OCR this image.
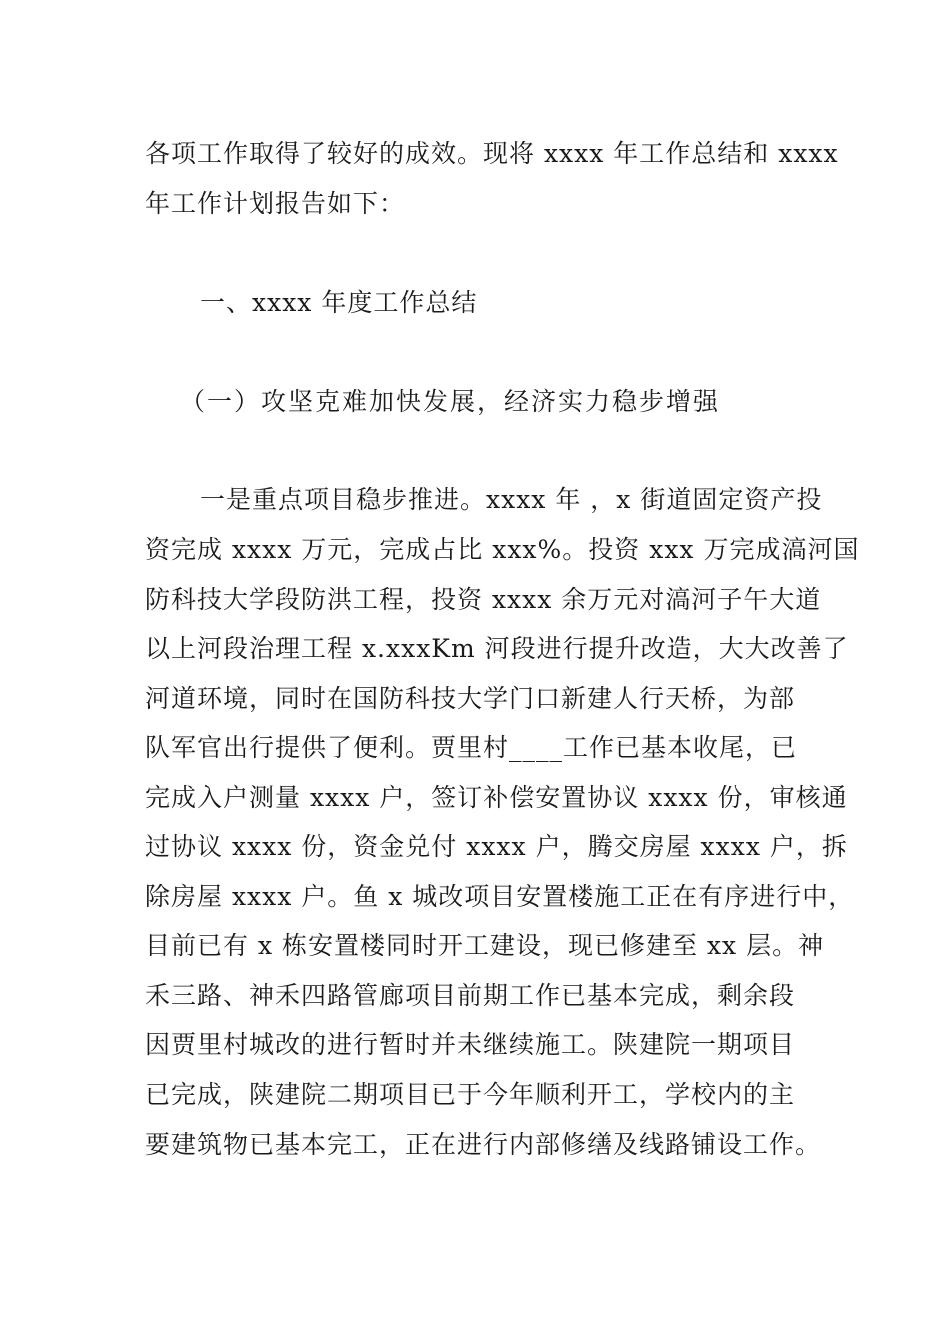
各项工作取得了较好的成效。现将 xxxx 年工作总结和 xxxx
年工作计划报告如下：
一、xxxx 年度工作总结
（一）攻坚克难加快发展，经济实力稳步增强
一是重点项目稳步推进。xxxx 年 ，x 街道固定资产投
资完成 xxxx 万元，完成占比 xxx%。投资 xxx 万完成滈河国
防科技大学段防洪工程，投资 xxxx 余万元对滈河子午大道
以上河段治理工程 x.xxxKm 河段进行提升改造，大大改善了
河道环境，同时在国防科技大学门口新建人行天桥，为部
队军官出行提供了便利。贾里村____工作已基本收尾，已
完成入户测量 xxxx 户，签订补偿安置协议 xxxx 份，审核通
过协议 xxxx 份，资金兑付 xxxx 户，腾交房屋 xxxx 户，拆
除房屋 xxxx 户。鱼 x 城改项目安置楼施工正在有序进行中，
目前已有 x 栋安置楼同时开工建设，现已修建至 xx 层。神
禾三路、神禾四路管廊项目前期工作已基本完成，剩余段
因贾里村城改的进行暂时并未继续施工。陕建院一期项目
已完成，陕建院二期项目已于今年顺利开工，学校内的主
要建筑物已基本完工，正在进行内部修缮及线路铺设工作。
